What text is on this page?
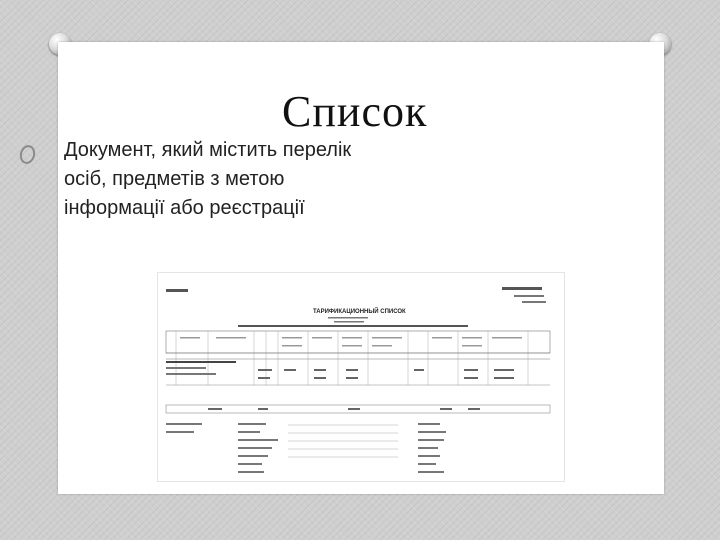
Список
Документ, який містить перелік осіб, предметів з метою інформації або реєстрації
ТАРИФИКАЦИОННЫЙ СПИСОК
